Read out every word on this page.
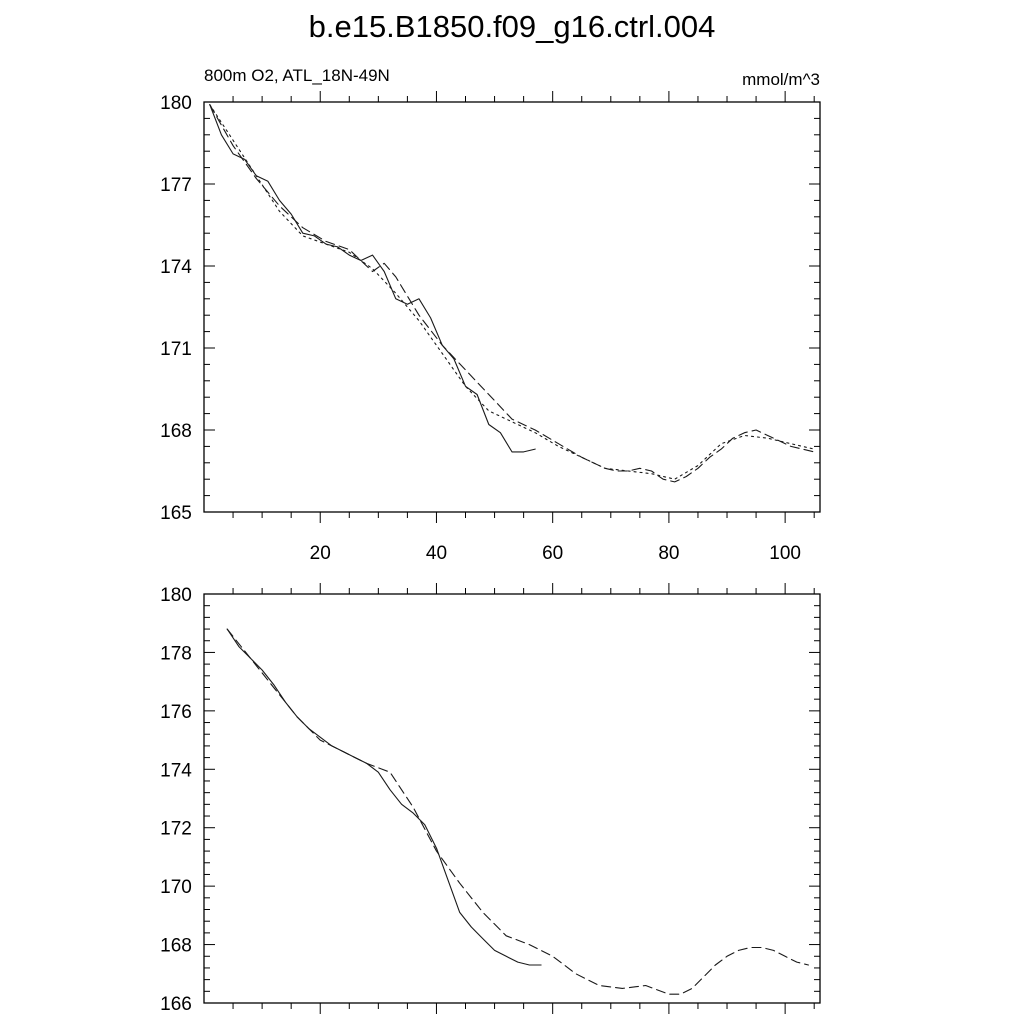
b.e15.B1850.f09_g16.ctrl.004
800m O2, ATL_18N-49N	mmol/m^3
165
168
171
174
177
180
20	40	60	80	100
166
168
170
172
174
176
178
180
